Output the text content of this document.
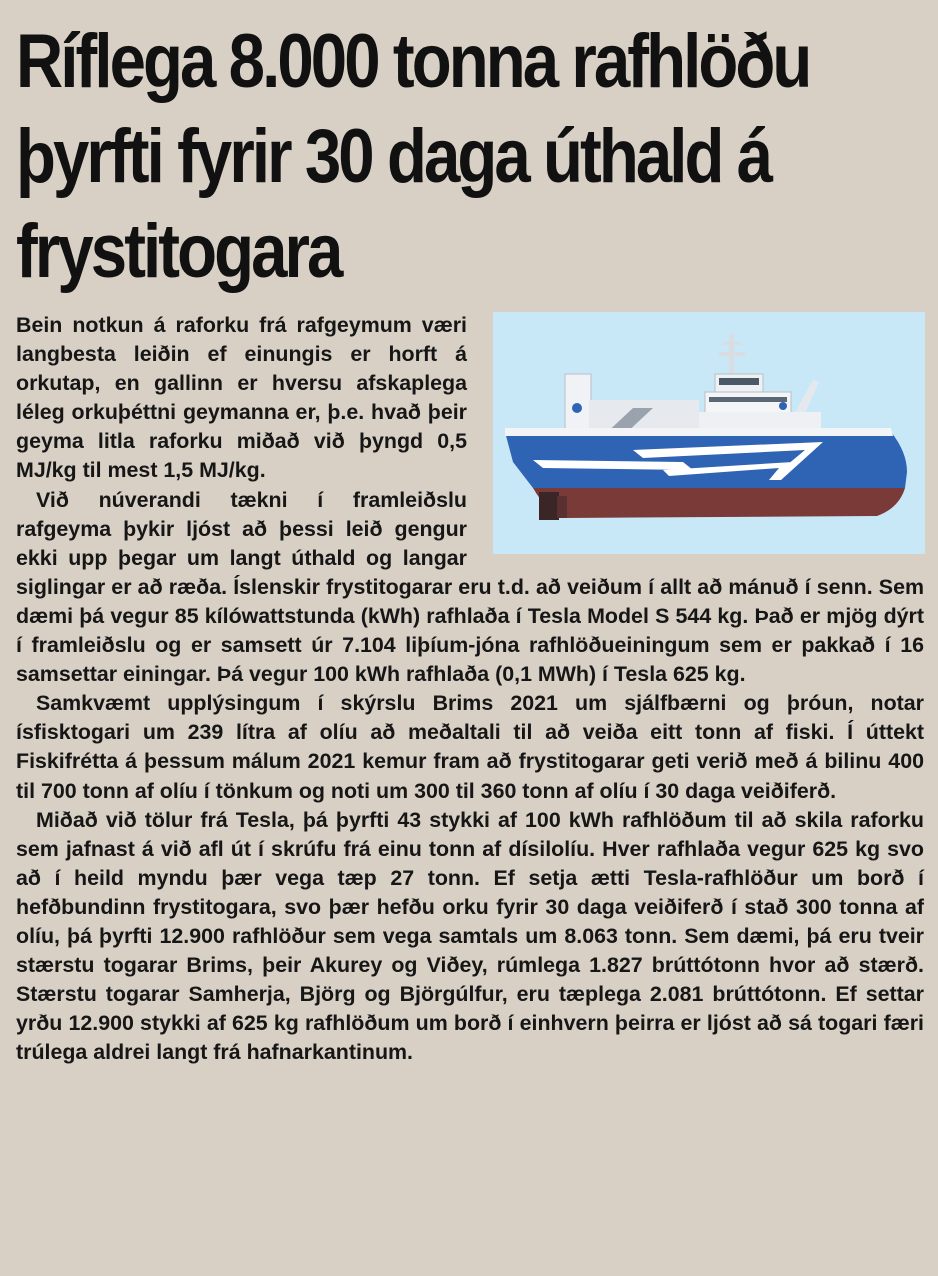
Ríflega 8.000 tonna rafhlöðu þyrfti fyrir 30 daga úthald á frystitogara

Bein notkun á raforku frá rafgeymum væri langbesta leiðin ef einungis er horft á orkutap, en gallinn er hversu afskaplega léleg orkuþéttni geymanna er, þ.e. hvað þeir geyma litla raforku miðað við þyngd 0,5 MJ/kg til mest 1,5 MJ/kg.

Við núverandi tækni í framleiðslu rafgeyma þykir ljóst að þessi leið gengur ekki upp þegar um langt úthald og langar siglingar er að ræða. Íslenskir frystitogarar eru t.d. að veiðum í allt að mánuð í senn. Sem dæmi þá vegur 85 kílówattstunda (kWh) rafhlaða í Tesla Model S 544 kg. Það er mjög dýrt í framleiðslu og er samsett úr 7.104 liþíum-jóna rafhlöðueiningum sem er pakkað í 16 samsettar einingar. Þá vegur 100 kWh rafhlaða (0,1 MWh) í Tesla 625 kg.

Samkvæmt upplýsingum í skýrslu Brims 2021 um sjálfbærni og þróun, notar ísfisktogari um 239 lítra af olíu að meðaltali til að veiða eitt tonn af fiski. Í úttekt Fiskifrétta á þessum málum 2021 kemur fram að frystitogarar geti verið með á bilinu 400 til 700 tonn af olíu í tönkum og noti um 300 til 360 tonn af olíu í 30 daga veiðiferð.

Miðað við tölur frá Tesla, þá þyrfti 43 stykki af 100 kWh rafhlöðum til að skila raforku sem jafnast á við afl út í skrúfu frá einu tonn af dísilolíu. Hver rafhlaða vegur 625 kg svo að í heild myndu þær vega tæp 27 tonn. Ef setja ætti Tesla-rafhlöður um borð í hefðbundinn frystitogara, svo þær hefðu orku fyrir 30 daga veiðiferð í stað 300 tonna af olíu, þá þyrfti 12.900 rafhlöður sem vega samtals um 8.063 tonn. Sem dæmi, þá eru tveir stærstu togarar Brims, þeir Akurey og Viðey, rúmlega 1.827 brúttótonn hvor að stærð. Stærstu togarar Samherja, Björg og Björgúlfur, eru tæplega 2.081 brúttótonn. Ef settar yrðu 12.900 stykki af 625 kg rafhlöðum um borð í einhvern þeirra er ljóst að sá togari færi trúlega aldrei langt frá hafnarkantinum.
